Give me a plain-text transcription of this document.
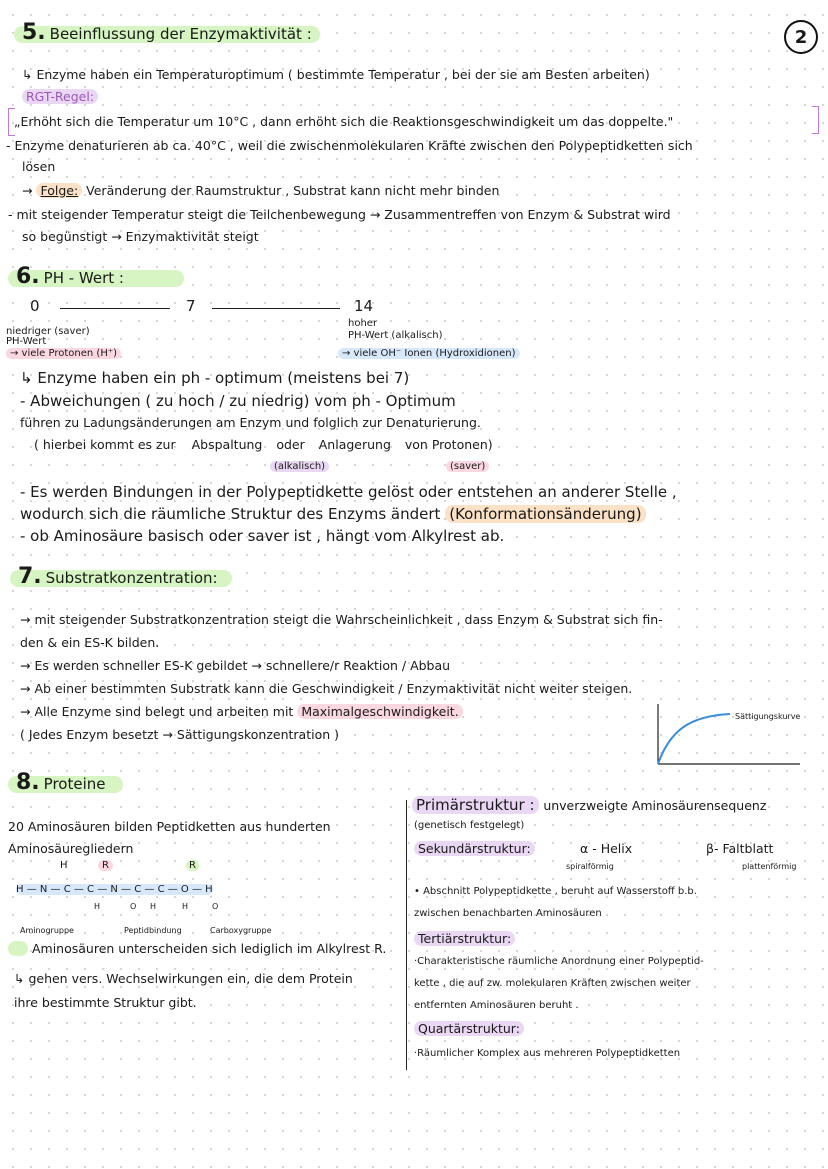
2
5. Beeinflussung der Enzymaktivität :
↳ Enzyme haben ein Temperaturoptimum ( bestimmte Temperatur , bei der sie am Besten arbeiten)
RGT-Regel:
„Erhöht sich die Temperatur um 10°C , dann erhöht sich die Reaktionsgeschwindigkeit um das doppelte."
- Enzyme denaturieren ab ca. 40°C , weil die zwischenmolekularen Kräfte zwischen den Polypeptidketten sich
lösen
→ Folge: Veränderung der Raumstruktur , Substrat kann nicht mehr binden
- mit steigender Temperatur steigt die Teilchenbewegung → Zusammentreffen von Enzym & Substrat wird
so begünstigt → Enzymaktivität steigt
6. PH - Wert :
0	7	14
niedriger (saver)
PH-Wert
→ viele Protonen (H⁺)
hoher
PH-Wert (alkalisch)
→ viele OH⁻ Ionen (Hydroxidionen)
↳ Enzyme haben ein ph - optimum (meistens bei 7)
- Abweichungen ( zu hoch / zu niedrig) vom ph - Optimum
führen zu Ladungsänderungen am Enzym und folglich zur Denaturierung.
( hierbei kommt es zur Abspaltung oder Anlagerung von Protonen)
(alkalisch)	(saver)
- Es werden Bindungen in der Polypeptidkette gelöst oder entstehen an anderer Stelle ,
wodurch sich die räumliche Struktur des Enzyms ändert (Konformationsänderung)
- ob Aminosäure basisch oder saver ist , hängt vom Alkylrest ab.
7. Substratkonzentration:
→ mit steigender Substratkonzentration steigt die Wahrscheinlichkeit , dass Enzym & Substrat sich fin-
den & ein ES-K bilden.
→ Es werden schneller ES-K gebildet → schnellere/r Reaktion / Abbau
→ Ab einer bestimmten Substratk kann die Geschwindigkeit / Enzymaktivität nicht weiter steigen.
→ Alle Enzyme sind belegt und arbeiten mit Maximalgeschwindigkeit.
( Jedes Enzym besetzt → Sättigungskonzentration )
Sättigungskurve
8. Proteine
20 Aminosäuren bilden Peptidketten aus hunderten
Aminosäuregliedern
H	R	R
H — N — C — C — N — C — C — O — H
H	O H	H	O
Aminogruppe	Peptidbindung	Carboxygruppe
Aminosäuren unterscheiden sich lediglich im Alkylrest R.
↳ gehen vers. Wechselwirkungen ein, die dem Protein
ihre bestimmte Struktur gibt.
Primärstruktur : unverzweigte Aminosäurensequenz
(genetisch festgelegt)
Sekundärstruktur:	α - Helix
spiralförmig
β- Faltblatt
plattenförmig
• Abschnitt Polypeptidkette , beruht auf Wasserstoff b.b.
zwischen benachbarten Aminosäuren
Tertiärstruktur:
·Charakteristische räumliche Anordnung einer Polypeptid-
kette , die auf zw. molekularen Kräften zwischen weiter
entfernten Aminosäuren beruht .
Quartärstruktur:
·Räumlicher Komplex aus mehreren Polypeptidketten
